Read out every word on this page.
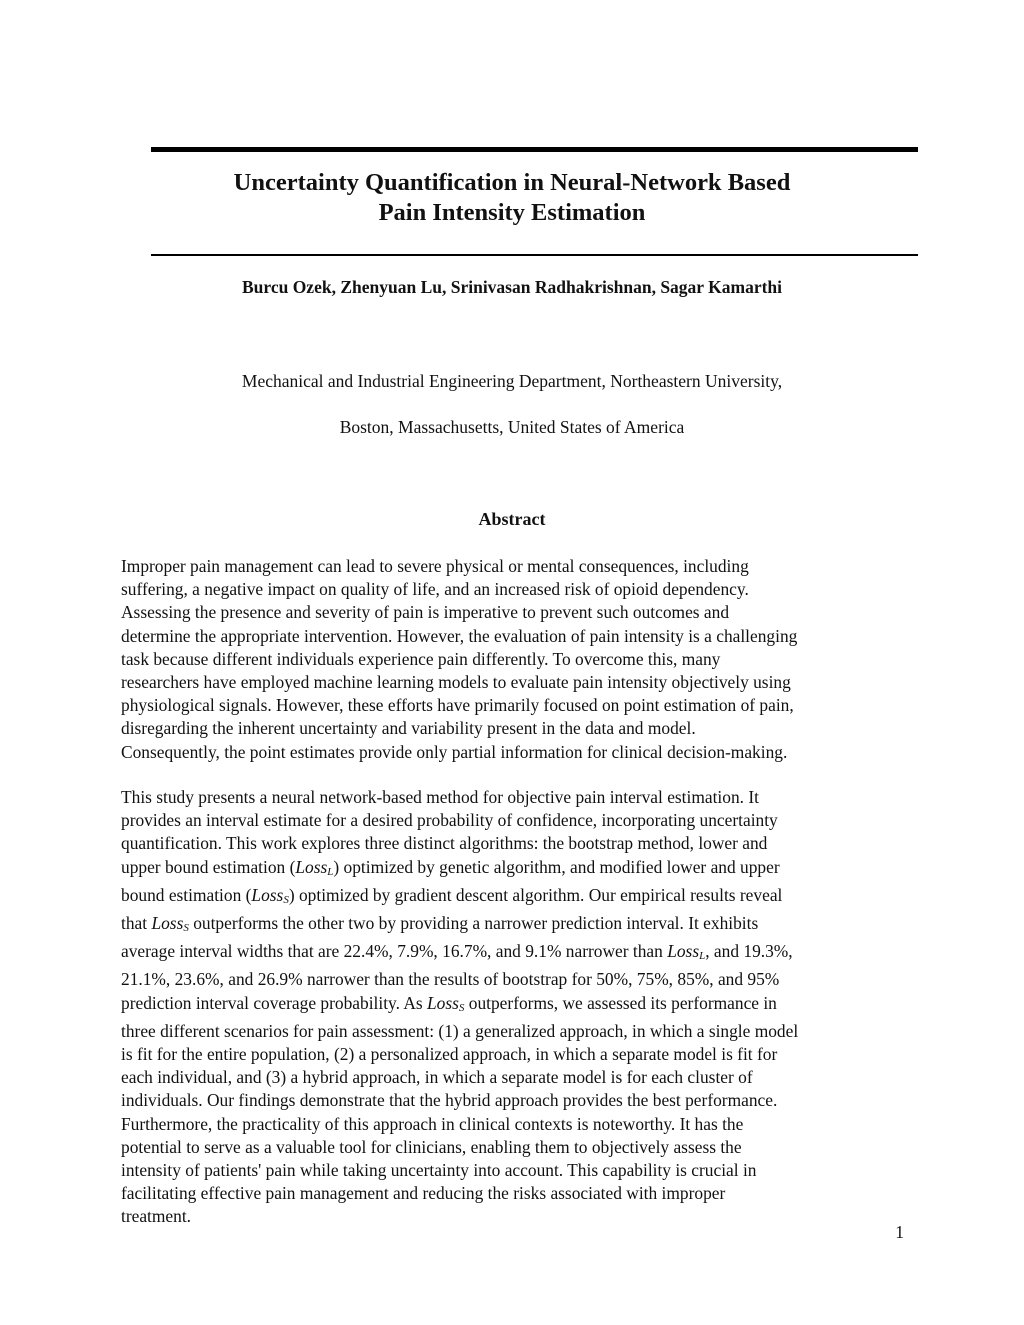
Uncertainty Quantification in Neural-Network Based
Pain Intensity Estimation

Burcu Ozek, Zhenyuan Lu, Srinivasan Radhakrishnan, Sagar Kamarthi

Mechanical and Industrial Engineering Department, Northeastern University,

Boston, Massachusetts, United States of America

Abstract

Improper pain management can lead to severe physical or mental consequences, including
suffering, a negative impact on quality of life, and an increased risk of opioid dependency.
Assessing the presence and severity of pain is imperative to prevent such outcomes and
determine the appropriate intervention. However, the evaluation of pain intensity is a challenging
task because different individuals experience pain differently. To overcome this, many
researchers have employed machine learning models to evaluate pain intensity objectively using
physiological signals. However, these efforts have primarily focused on point estimation of pain,
disregarding the inherent uncertainty and variability present in the data and model.
Consequently, the point estimates provide only partial information for clinical decision-making.

This study presents a neural network-based method for objective pain interval estimation. It
provides an interval estimate for a desired probability of confidence, incorporating uncertainty
quantification. This work explores three distinct algorithms: the bootstrap method, lower and
upper bound estimation (LossL) optimized by genetic algorithm, and modified lower and upper
bound estimation (LossS) optimized by gradient descent algorithm. Our empirical results reveal
that LossS outperforms the other two by providing a narrower prediction interval. It exhibits
average interval widths that are 22.4%, 7.9%, 16.7%, and 9.1% narrower than LossL, and 19.3%,
21.1%, 23.6%, and 26.9% narrower than the results of bootstrap for 50%, 75%, 85%, and 95%
prediction interval coverage probability. As LossS outperforms, we assessed its performance in
three different scenarios for pain assessment: (1) a generalized approach, in which a single model
is fit for the entire population, (2) a personalized approach, in which a separate model is fit for
each individual, and (3) a hybrid approach, in which a separate model is for each cluster of
individuals. Our findings demonstrate that the hybrid approach provides the best performance.
Furthermore, the practicality of this approach in clinical contexts is noteworthy. It has the
potential to serve as a valuable tool for clinicians, enabling them to objectively assess the
intensity of patients' pain while taking uncertainty into account. This capability is crucial in
facilitating effective pain management and reducing the risks associated with improper
treatment.

1
